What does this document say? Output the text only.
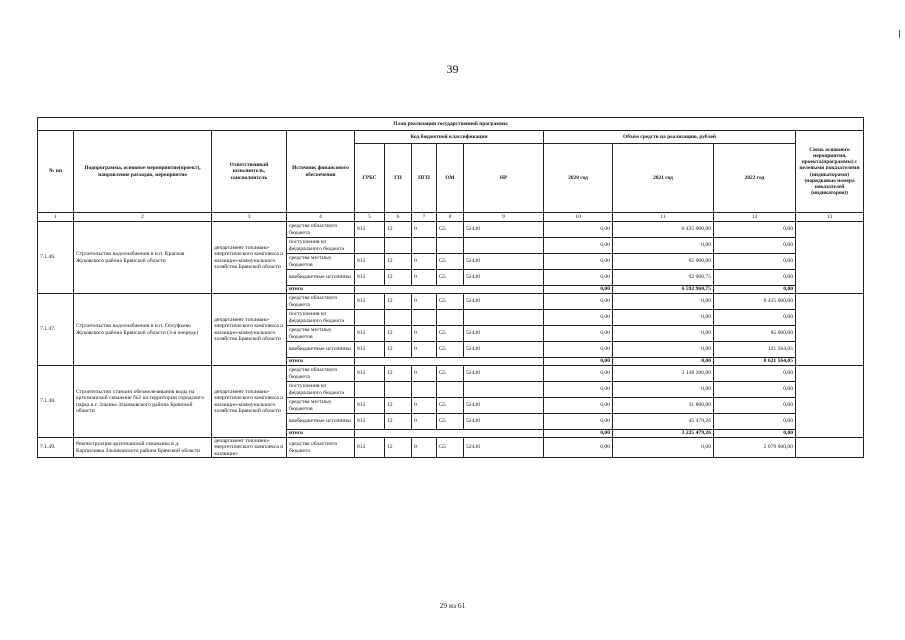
39
План реализации государственной программы												
№ пп	Подпрограмма, основное мероприятие(проект), направление расходов, мероприятие	Ответственный исполнитель, соисполнитель	Источник финансового обеспечения	Код бюджетной классификации					Объём средств на реализацию, рублей			Связь основного мероприятия, проекта(программы) с целевыми показателями (индикаторами) (порядковые номера показателей (индикаторов))
				ГРБС	ГП	ПГП	ОМ	НР	2020 год	2021 год	2022 год	
1	2	3	4	5	6	7	8	9	10	11	12	13
7.1.46.	Строительство водоснабжения в н.п. Красная Жуковского района Брянской области	департамент топливно-энергетического комплекса и жилищно-коммунального хозяйства Брянской области	средства областного бюджета	812	12	0	G5	52430	0,00	6 435 000,00	0,00	
			поступления из федерального бюджета						0,00	0,00	0,00	
			средства местных бюджетов	812	12	0	G5	52430	0,00	65 000,00	0,00	
			внебюджетные источники	812	12	0	G5	52430	0,00	92 960,75	0,00	
			итого						0,00	6 592 960,75	0,00	
7.1.47.	Строительство водоснабжения в н.п. Олсуфьево Жуковского района Брянской области (3-я очередь)	департамент топливно-энергетического комплекса и жилищно-коммунального хозяйства Брянской области	средства областного бюджета	812	12	0	G5	52430	0,00	0,00	8 415 000,00	
			поступления из федерального бюджета						0,00	0,00	0,00	
			средства местных бюджетов	812	12	0	G5	52430	0,00	0,00	85 000,00	
			внебюджетные источники	812	12	0	G5	52430	0,00	0,00	121 564,05	
			итого						0,00	0,00	8 621 564,05	
7.1.48.	Строительство станции обезжелезивания воды на артезианской скважине №2 на территории городского парка в г. Злынка Злынковского района Брянской области	департамент топливно-энергетического комплекса и жилищно-коммунального хозяйства Брянской области	средства областного бюджета	812	12	0	G5	52430	0,00	3 148 200,00	0,00	
			поступления из федерального бюджета						0,00	0,00	0,00	
			средства местных бюджетов	812	12	0	G5	52430	0,00	31 800,00	0,00	
			внебюджетные источники	812	12	0	G5	52430	0,00	45 479,26	0,00	
			итого						0,00	3 225 479,26	0,00	
7.1.49.	Реконструкция артезианской скважины в д. Карпиловка Злынковского района Брянской области	департамент топливно-энергетического комплекса и жилищно-	средства областного бюджета	812	12	0	G5	52430	0,00	0,00	2 079 000,00	
29 из 61
